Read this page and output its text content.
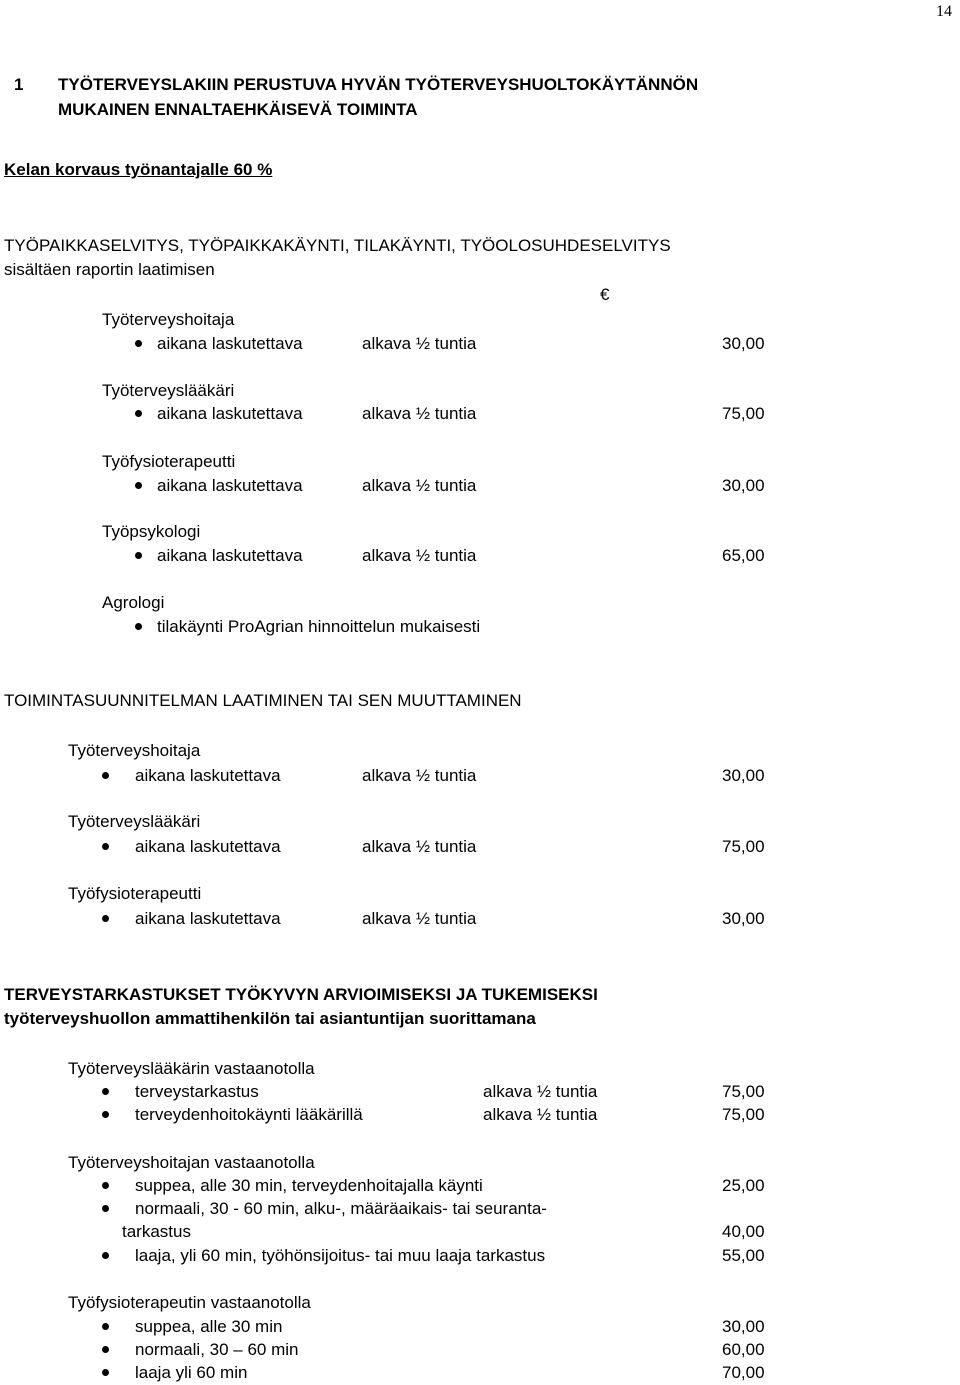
14
1 TYÖTERVEYSLAKIIN PERUSTUVA HYVÄN TYÖTERVEYSHUOLTOKÄYTÄNNÖN
MUKAINEN ENNALTAEHKÄISEVÄ TOIMINTA
Kelan korvaus työnantajalle 60 %
TYÖPAIKKASELVITYS, TYÖPAIKKAKÄYNTI, TILAKÄYNTI, TYÖOLOSUHDESELVITYS
sisältäen raportin laatimisen
€
Työterveyshoitaja
aikana laskutettava	alkava ½ tuntia	30,00
Työterveyslääkäri
aikana laskutettava	alkava ½ tuntia	75,00
Työfysioterapeutti
aikana laskutettava	alkava ½ tuntia	30,00
Työpsykologi
aikana laskutettava	alkava ½ tuntia	65,00
Agrologi
tilakäynti ProAgrian hinnoittelun mukaisesti
TOIMINTASUUNNITELMAN LAATIMINEN TAI SEN MUUTTAMINEN
Työterveyshoitaja
aikana laskutettava	alkava ½ tuntia	30,00
Työterveyslääkäri
aikana laskutettava	alkava ½ tuntia	75,00
Työfysioterapeutti
aikana laskutettava	alkava ½ tuntia	30,00
TERVEYSTARKASTUKSET TYÖKYVYN ARVIOIMISEKSI JA TUKEMISEKSI
työterveyshuollon ammattihenkilön tai asiantuntijan suorittamana
Työterveyslääkärin vastaanotolla
terveystarkastus	alkava ½ tuntia	75,00
terveydenhoitokäynti lääkärillä	alkava ½ tuntia	75,00
Työterveyshoitajan vastaanotolla
suppea, alle 30 min, terveydenhoitajalla käynti	25,00
normaali, 30 - 60 min, alku-, määräaikais- tai seuranta-
tarkastus	40,00
laaja, yli 60 min, työhönsijoitus- tai muu laaja tarkastus	55,00
Työfysioterapeutin vastaanotolla
suppea, alle 30 min	30,00
normaali, 30 – 60 min	60,00
laaja yli 60 min	70,00
